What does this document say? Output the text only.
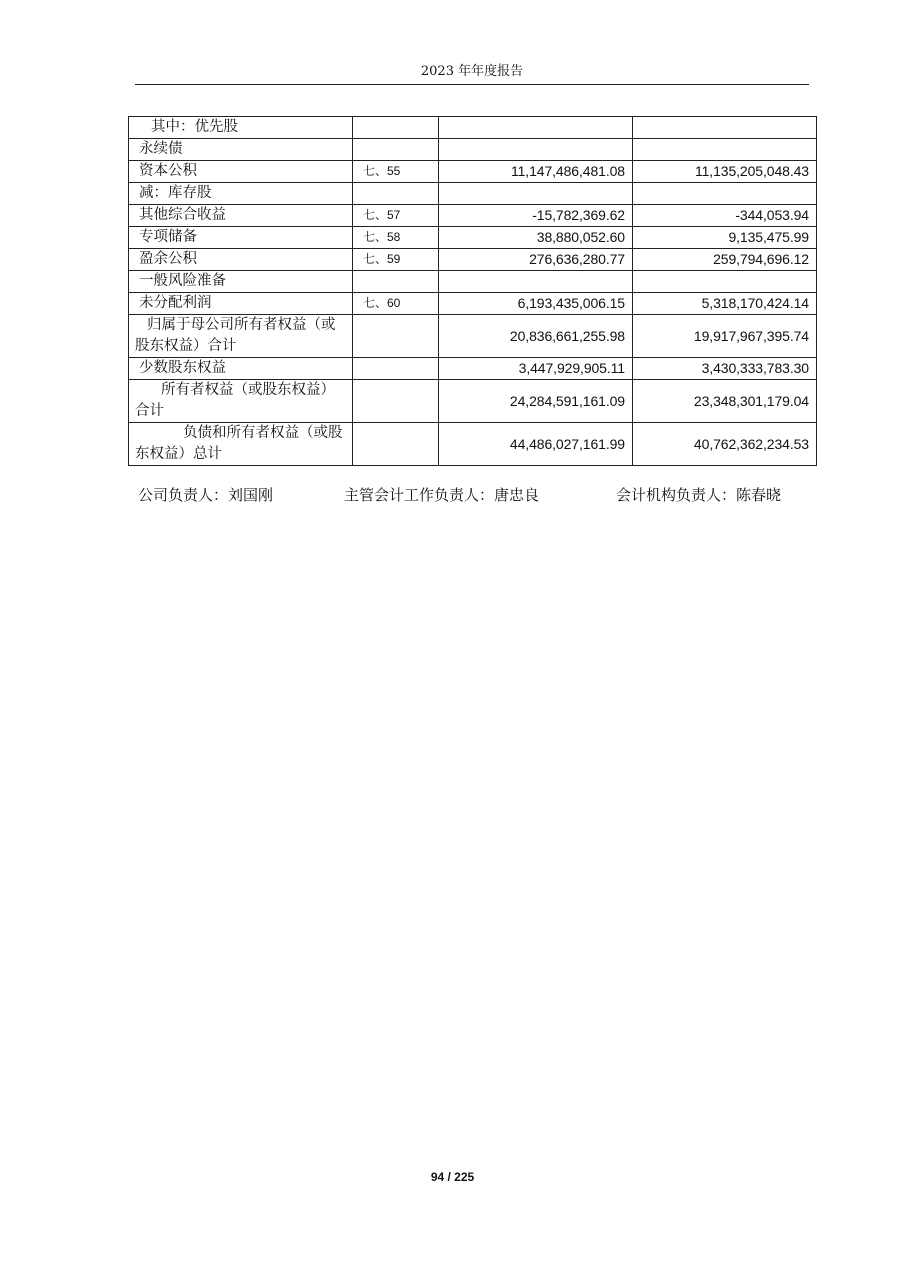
2023 年年度报告
其中：优先股			
永续债			
资本公积	七、55	11,147,486,481.08	11,135,205,048.43
减：库存股			
其他综合收益	七、57	-15,782,369.62	-344,053.94
专项储备	七、58	38,880,052.60	9,135,475.99
盈余公积	七、59	276,636,280.77	259,794,696.12
一般风险准备			
未分配利润	七、60	6,193,435,006.15	5,318,170,424.14
归属于母公司所有者权益（或股东权益）合计		20,836,661,255.98	19,917,967,395.74
少数股东权益		3,447,929,905.11	3,430,333,783.30
所有者权益（或股东权益）合计		24,284,591,161.09	23,348,301,179.04
负债和所有者权益（或股东权益）总计		44,486,027,161.99	40,762,362,234.53
公司负责人：刘国刚	主管会计工作负责人：唐忠良	会计机构负责人：陈春晓
94 / 225
